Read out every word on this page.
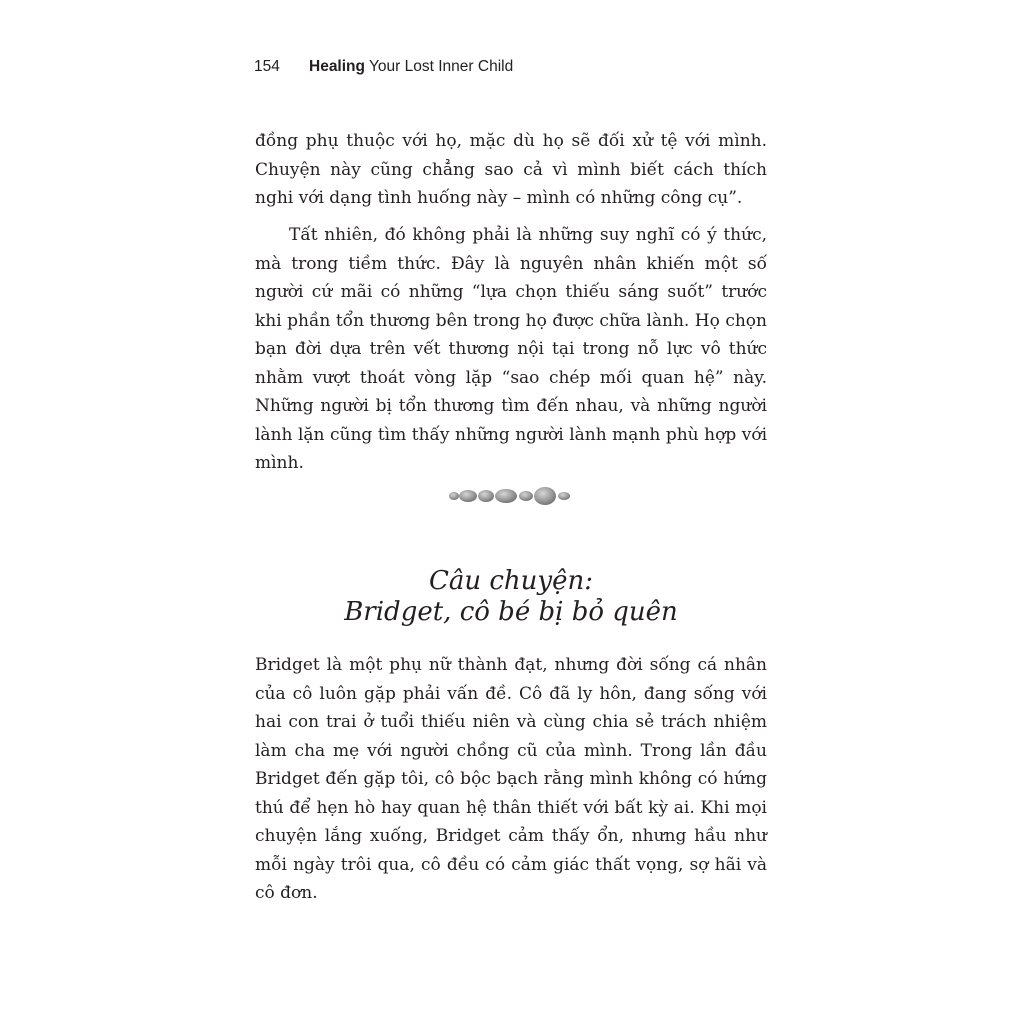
154 Healing Your Lost Inner Child

đồng phụ thuộc với họ, mặc dù họ sẽ đối xử tệ với mình. Chuyện này cũng chẳng sao cả vì mình biết cách thích nghi với dạng tình huống này – mình có những công cụ”.

Tất nhiên, đó không phải là những suy nghĩ có ý thức, mà trong tiềm thức. Đây là nguyên nhân khiến một số người cứ mãi có những “lựa chọn thiếu sáng suốt” trước khi phần tổn thương bên trong họ được chữa lành. Họ chọn bạn đời dựa trên vết thương nội tại trong nỗ lực vô thức nhằm vượt thoát vòng lặp “sao chép mối quan hệ” này. Những người bị tổn thương tìm đến nhau, và những người lành lặn cũng tìm thấy những người lành mạnh phù hợp với mình.

Câu chuyện:
Bridget, cô bé bị bỏ quên

Bridget là một phụ nữ thành đạt, nhưng đời sống cá nhân của cô luôn gặp phải vấn đề. Cô đã ly hôn, đang sống với hai con trai ở tuổi thiếu niên và cùng chia sẻ trách nhiệm làm cha mẹ với người chồng cũ của mình. Trong lần đầu Bridget đến gặp tôi, cô bộc bạch rằng mình không có hứng thú để hẹn hò hay quan hệ thân thiết với bất kỳ ai. Khi mọi chuyện lắng xuống, Bridget cảm thấy ổn, nhưng hầu như mỗi ngày trôi qua, cô đều có cảm giác thất vọng, sợ hãi và cô đơn.
